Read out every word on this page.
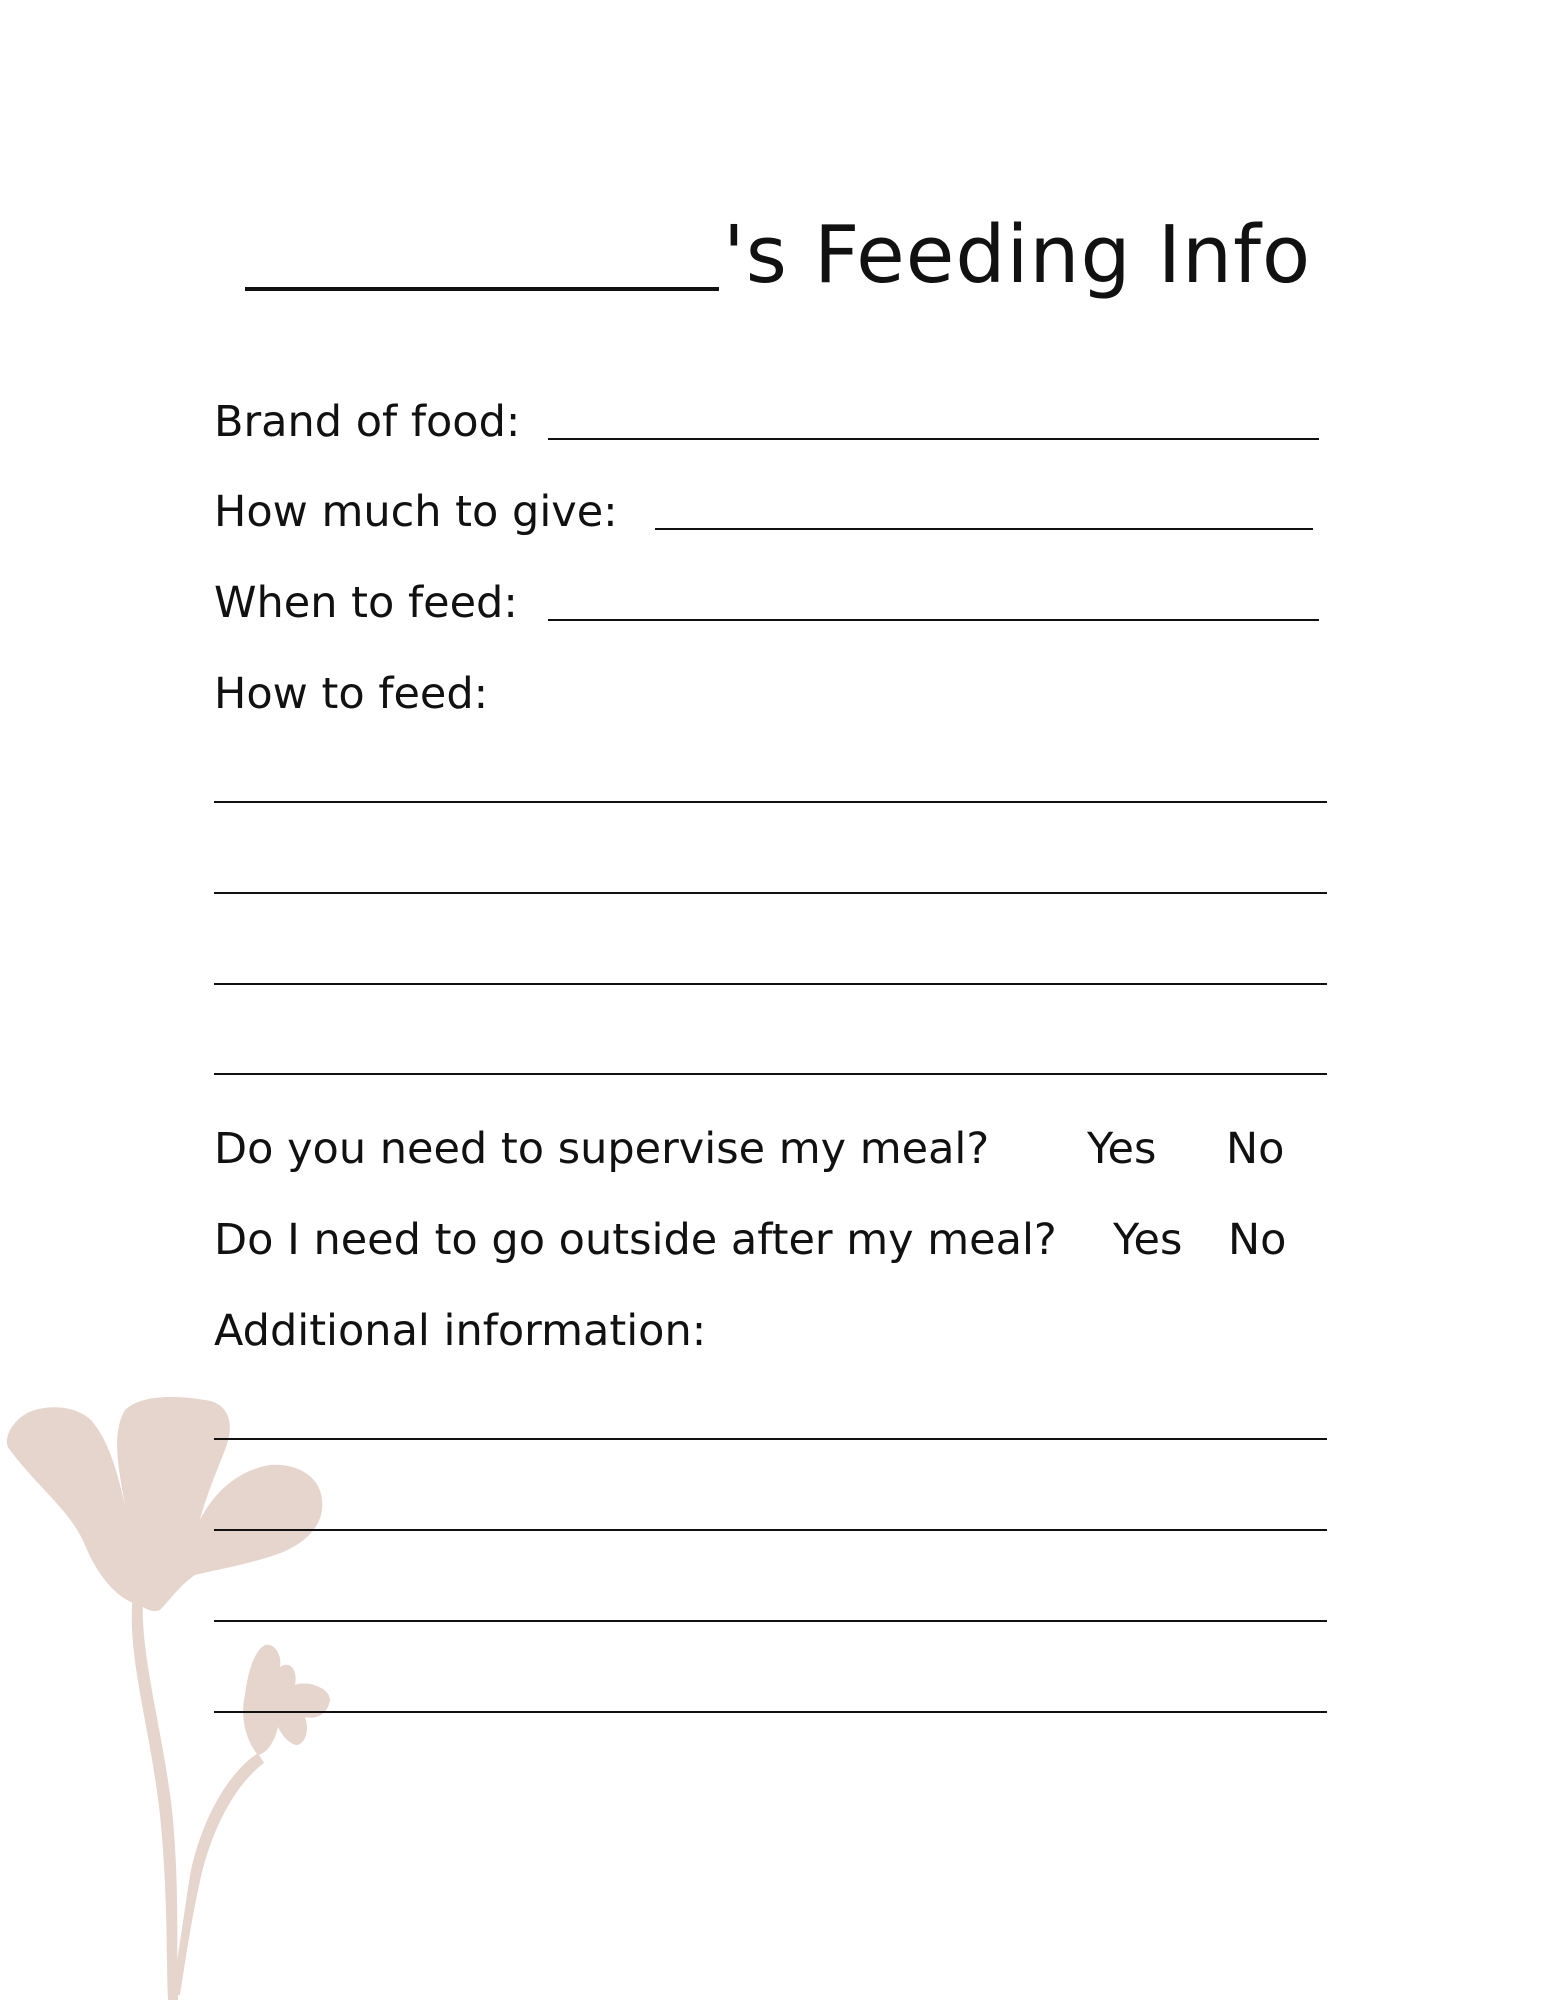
's Feeding Info
Brand of food:
How much to give:
When to feed:
How to feed:
Do you need to supervise my meal? Yes No
Do I need to go outside after my meal? Yes No
Additional information:
